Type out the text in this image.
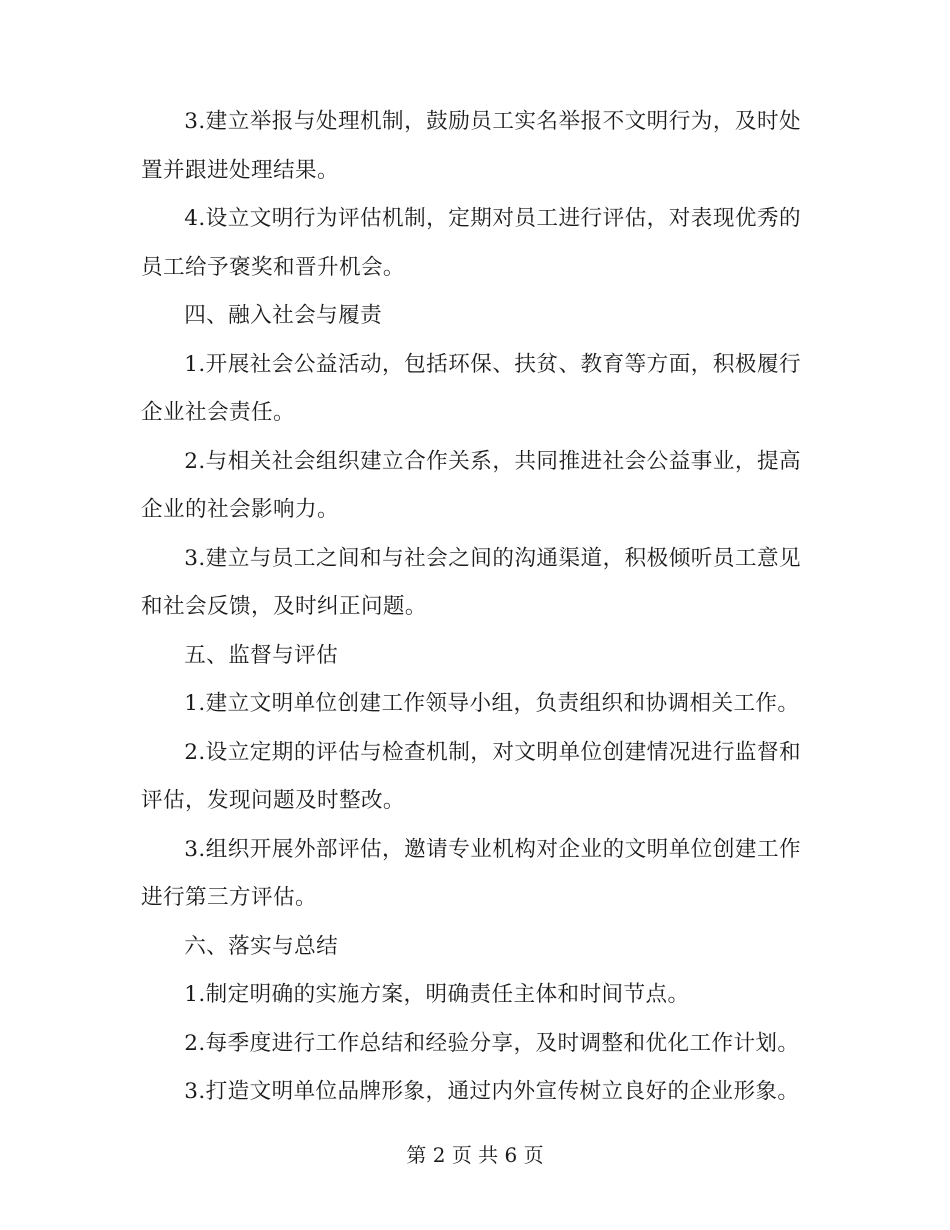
3.建立举报与处理机制，鼓励员工实名举报不文明行为，及时处置并跟进处理结果。

4.设立文明行为评估机制，定期对员工进行评估，对表现优秀的员工给予褒奖和晋升机会。

四、融入社会与履责

1.开展社会公益活动，包括环保、扶贫、教育等方面，积极履行企业社会责任。

2.与相关社会组织建立合作关系，共同推进社会公益事业，提高企业的社会影响力。

3.建立与员工之间和与社会之间的沟通渠道，积极倾听员工意见和社会反馈，及时纠正问题。

五、监督与评估

1.建立文明单位创建工作领导小组，负责组织和协调相关工作。

2.设立定期的评估与检查机制，对文明单位创建情况进行监督和评估，发现问题及时整改。

3.组织开展外部评估，邀请专业机构对企业的文明单位创建工作进行第三方评估。

六、落实与总结

1.制定明确的实施方案，明确责任主体和时间节点。

2.每季度进行工作总结和经验分享，及时调整和优化工作计划。

3.打造文明单位品牌形象，通过内外宣传树立良好的企业形象。

第 2 页 共 6 页
